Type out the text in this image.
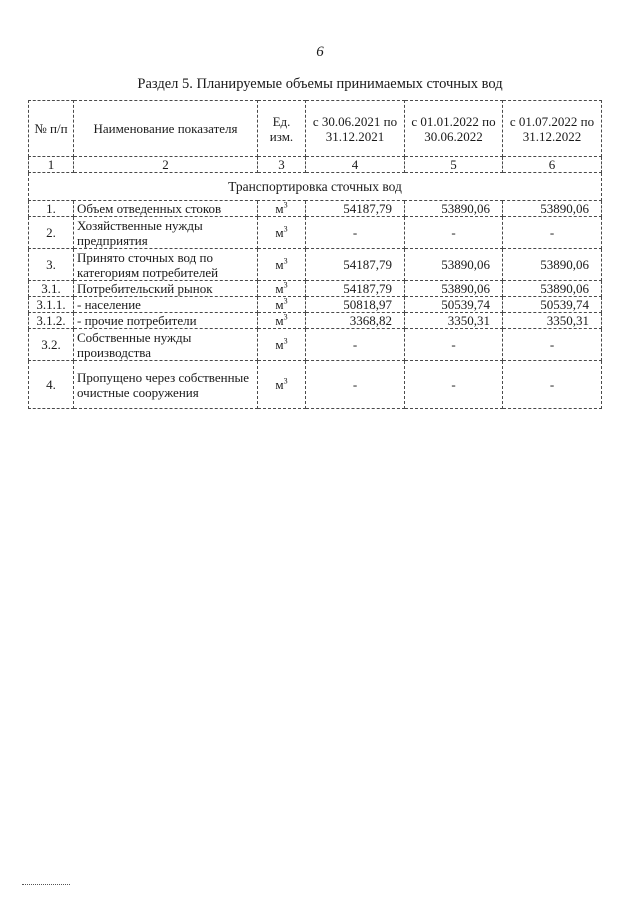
6
Раздел 5. Планируемые объемы принимаемых сточных вод
№ п/п	Наименование показателя	Ед. изм.	с 30.06.2021 по 31.12.2021	с 01.01.2022 по 30.06.2022	с 01.07.2022 по 31.12.2022
1	2	3	4	5	6
Транспортировка сточных вод					
1.	Объем отведенных стоков	$м^3$	54187,79	53890,06	53890,06
2.	Хозяйственные нужды предприятия	$м^3$	-	-	-
3.	Принято сточных вод по категориям потребителей	$м^3$	54187,79	53890,06	53890,06
3.1.	Потребительский рынок	$м^3$	54187,79	53890,06	53890,06
3.1.1.	- население	$м^3$	50818,97	50539,74	50539,74
3.1.2.	- прочие потребители	$м^3$	3368,82	3350,31	3350,31
3.2.	Собственные нужды производства	$м^3$	-	-	-
4.	Пропущено через собственные очистные сооружения	$м^3$	-	-	-
